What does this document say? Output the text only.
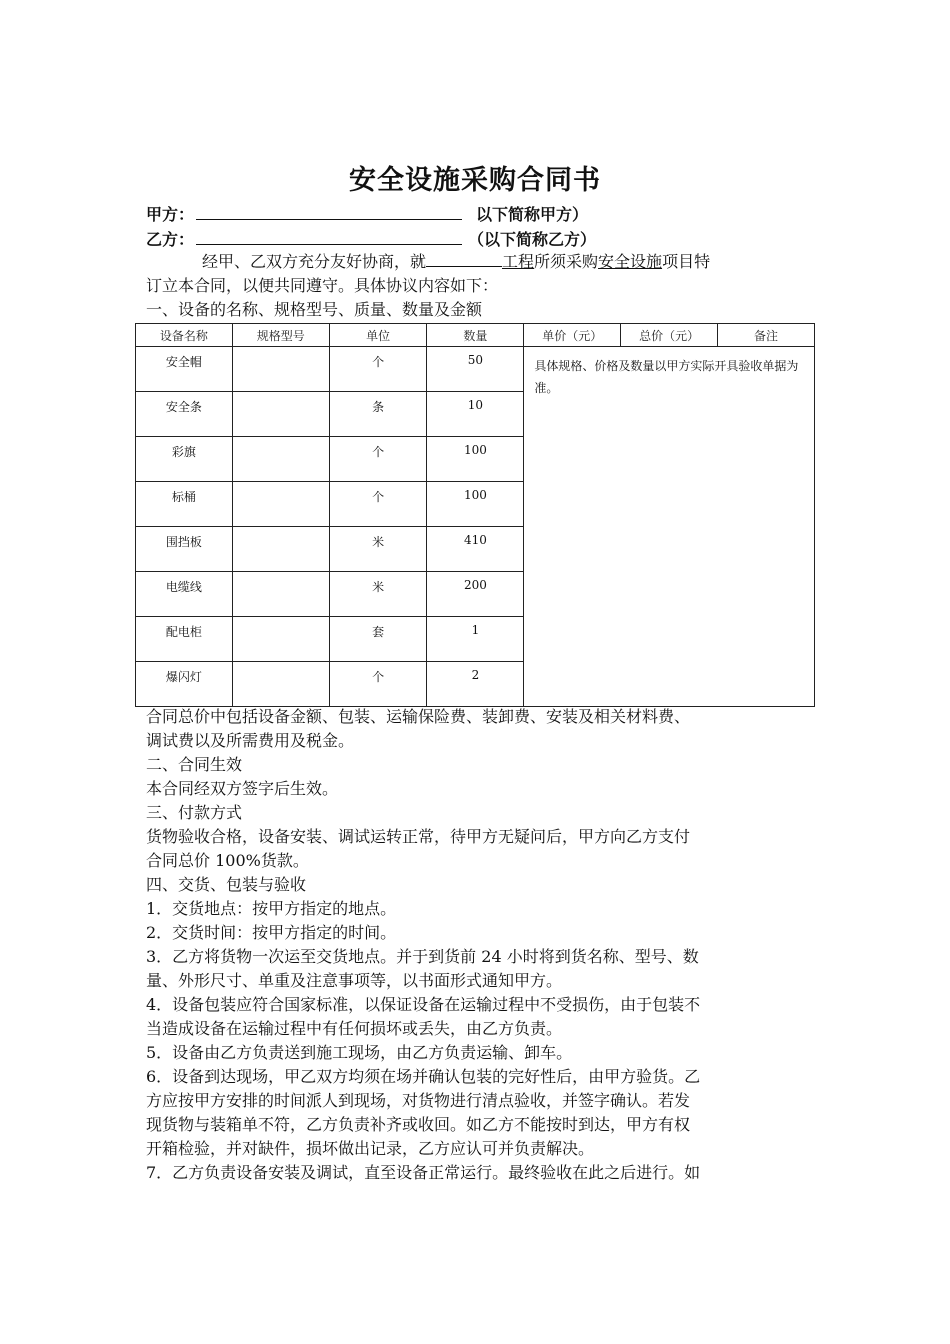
安全设施采购合同书
甲方：	以下简称甲方）
乙方：	（以下简称乙方）
经甲、乙双方充分友好协商，就	工程所须采购安全设施项目特
订立本合同，以便共同遵守。具体协议内容如下：
一、设备的名称、规格型号、质量、数量及金额
设备名称	规格型号	单位	数量	单价（元）	总价（元）	备注
安全帽		个	50	具体规格、价格及数量以甲方实际开具验收单据为准。		
安全条		条	10			
彩旗		个	100			
标桶		个	100			
围挡板		米	410			
电缆线		米	200			
配电柜		套	1			
爆闪灯		个	2			
合同总价中包括设备金额、包装、运输保险费、装卸费、安装及相关材料费、
调试费以及所需费用及税金。
二、合同生效
本合同经双方签字后生效。
三、付款方式
货物验收合格，设备安装、调试运转正常，待甲方无疑问后，甲方向乙方支付
合同总价 100%货款。
四、交货、包装与验收
1．交货地点：按甲方指定的地点。
2．交货时间：按甲方指定的时间。
3．乙方将货物一次运至交货地点。并于到货前 24 小时将到货名称、型号、数
量、外形尺寸、单重及注意事项等，以书面形式通知甲方。
4．设备包装应符合国家标准，以保证设备在运输过程中不受损伤，由于包装不
当造成设备在运输过程中有任何损坏或丢失，由乙方负责。
5．设备由乙方负责送到施工现场，由乙方负责运输、卸车。
6．设备到达现场，甲乙双方均须在场并确认包装的完好性后，由甲方验货。乙
方应按甲方安排的时间派人到现场，对货物进行清点验收，并签字确认。若发
现货物与装箱单不符，乙方负责补齐或收回。如乙方不能按时到达，甲方有权
开箱检验，并对缺件，损坏做出记录，乙方应认可并负责解决。
7．乙方负责设备安装及调试，直至设备正常运行。最终验收在此之后进行。如
